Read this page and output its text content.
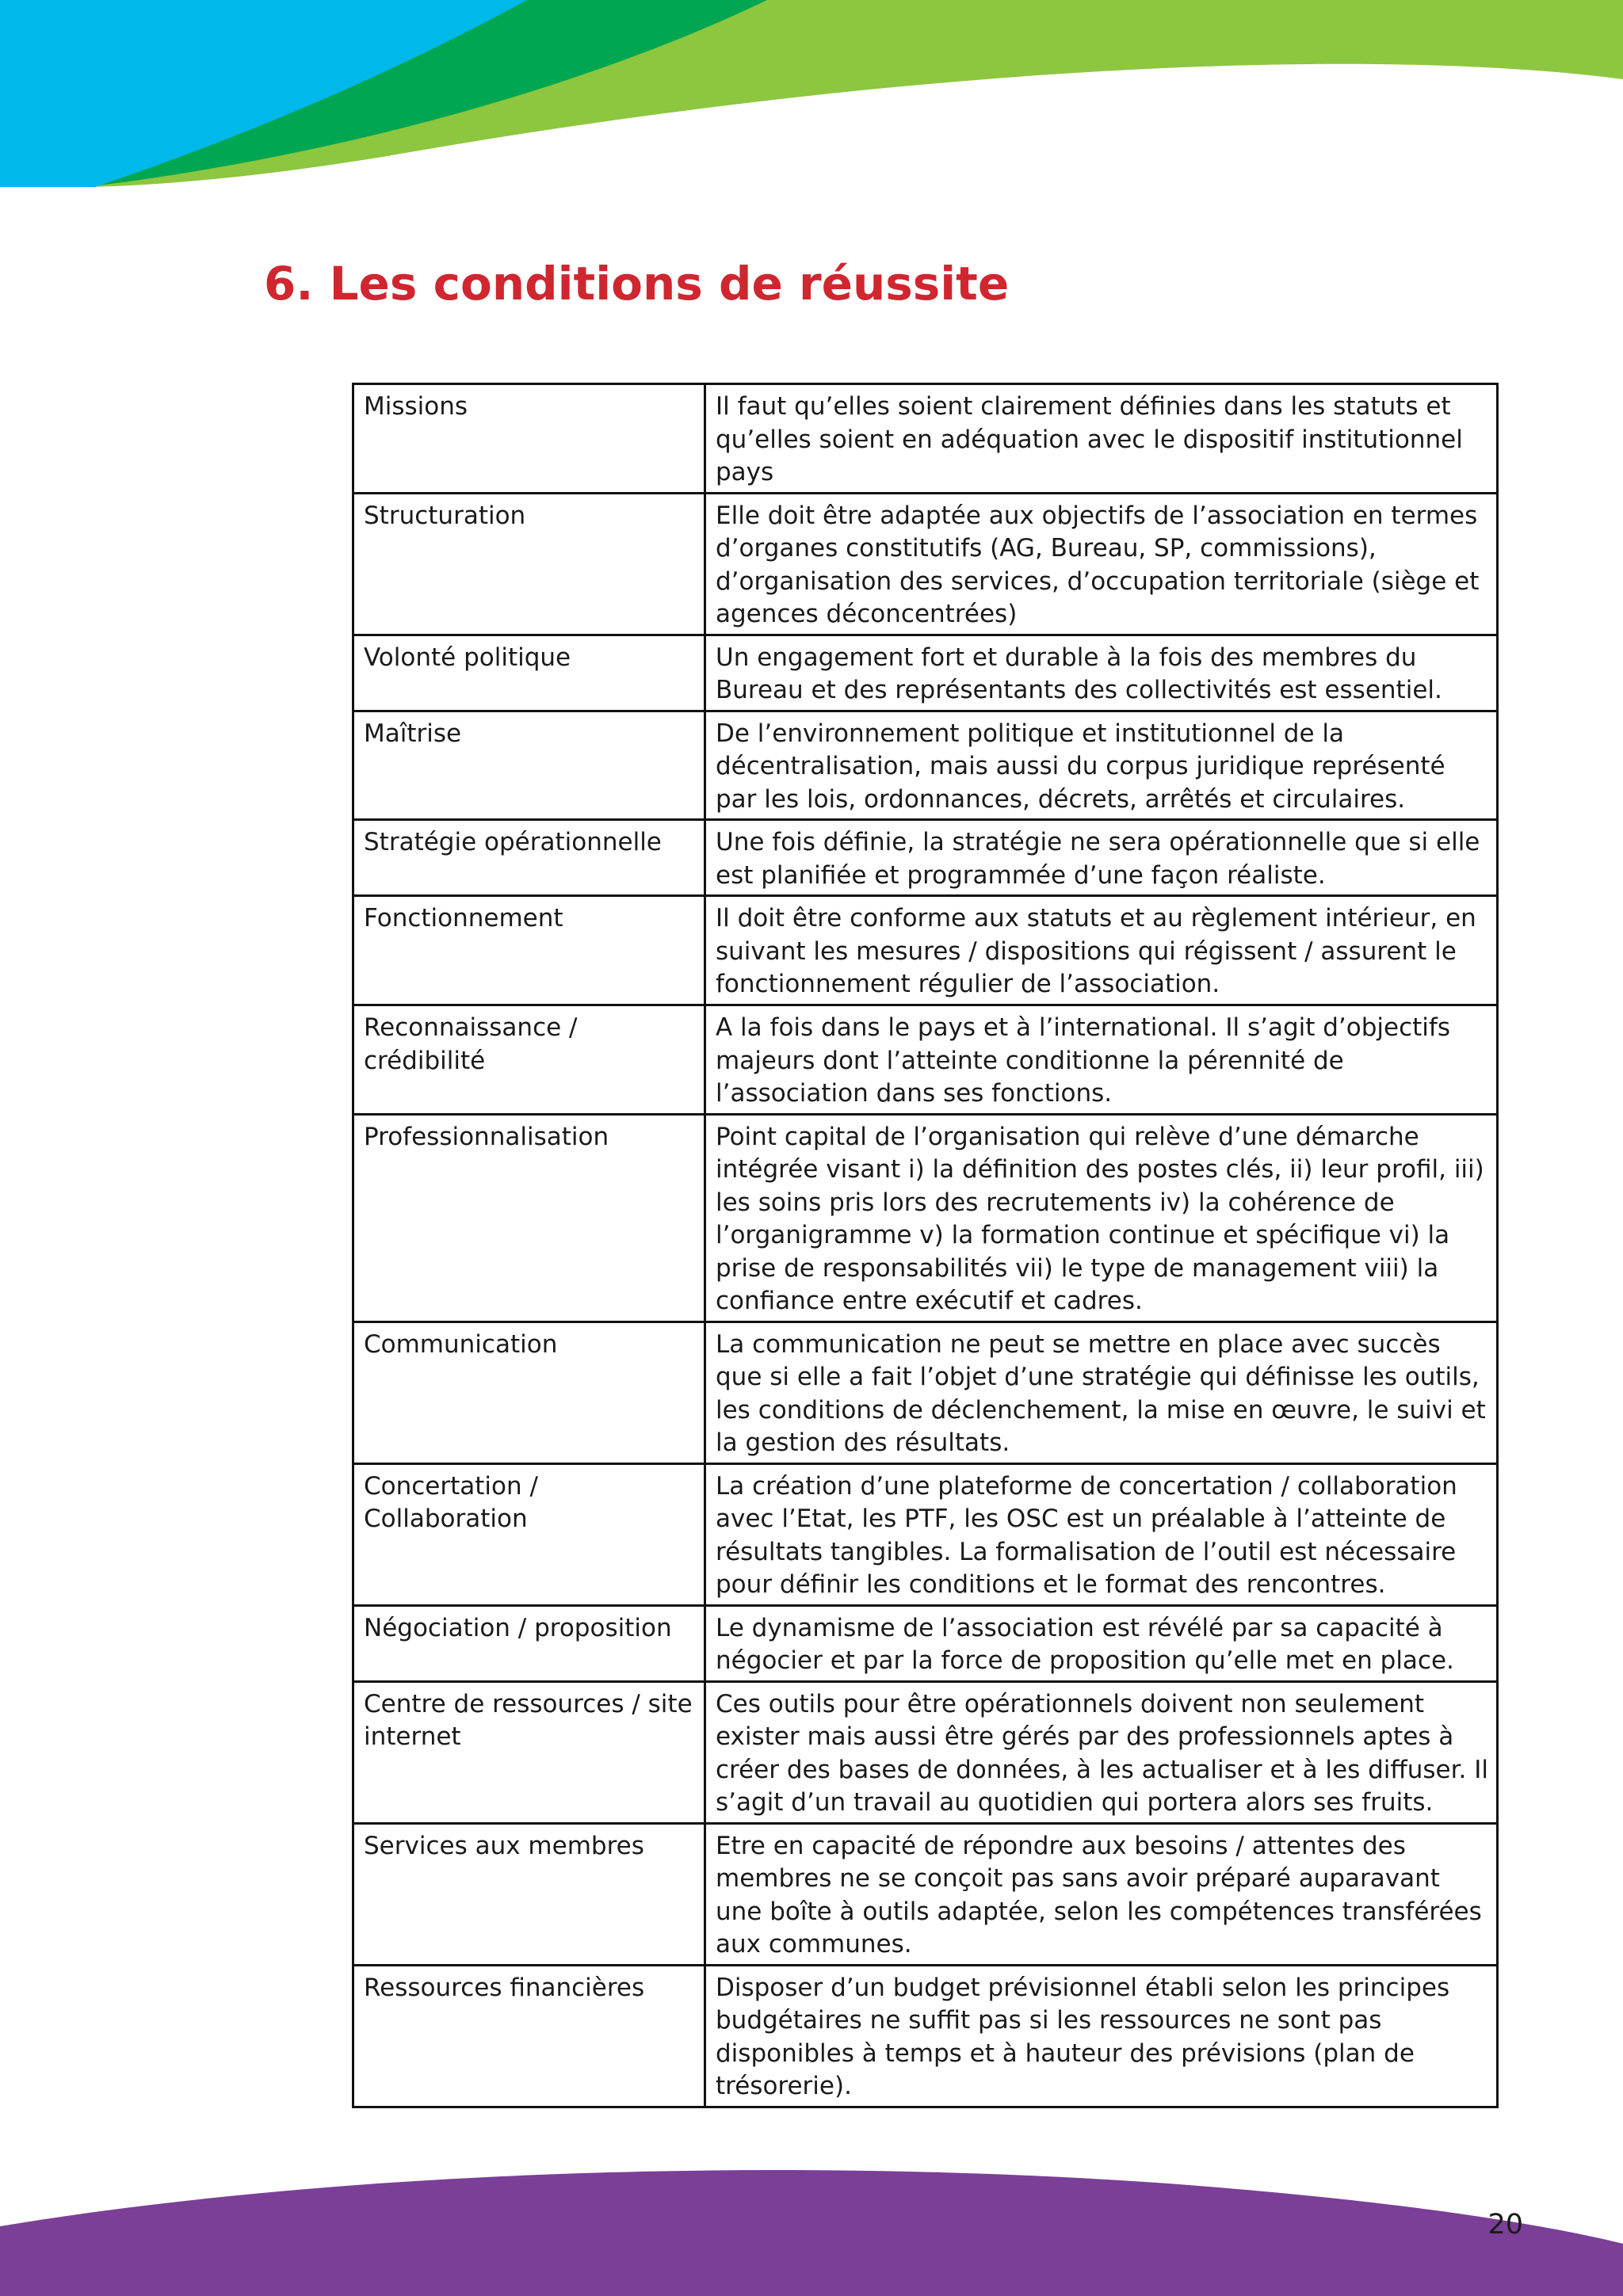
6. Les conditions de réussite
Missions	Il faut qu’elles soient clairement définies dans les statuts et qu’elles soient en adéquation avec le dispositif institutionnel pays
Structuration	Elle doit être adaptée aux objectifs de l’association en termes d’organes constitutifs (AG, Bureau, SP, commissions), d’organisation des services, d’occupation territoriale (siège et agences déconcentrées)
Volonté politique	Un engagement fort et durable à la fois des membres du Bureau et des représentants des collectivités est essentiel.
Maîtrise	De l’environnement politique et institutionnel de la décentralisation, mais aussi du corpus juridique représenté par les lois, ordonnances, décrets, arrêtés et circulaires.
Stratégie opérationnelle	Une fois définie, la stratégie ne sera opérationnelle que si elle est planifiée et programmée d’une façon réaliste.
Fonctionnement	Il doit être conforme aux statuts et au règlement intérieur, en suivant les mesures / dispositions qui régissent / assurent le fonctionnement régulier de l’association.
Reconnaissance / crédibilité	A la fois dans le pays et à l’international. Il s’agit d’objectifs majeurs dont l’atteinte conditionne la pérennité de l’association dans ses fonctions.
Professionnalisation	Point capital de l’organisation qui relève d’une démarche intégrée visant i) la définition des postes clés, ii) leur profil, iii) les soins pris lors des recrutements iv) la cohérence de l’organigramme v) la formation continue et spécifique vi) la prise de responsabilités vii) le type de management viii) la confiance entre exécutif et cadres.
Communication	La communication ne peut se mettre en place avec succès que si elle a fait l’objet d’une stratégie qui définisse les outils, les conditions de déclenchement, la mise en œuvre, le suivi et la gestion des résultats.
Concertation / Collaboration	La création d’une plateforme de concertation / collaboration avec l’Etat, les PTF, les OSC est un préalable à l’atteinte de résultats tangibles. La formalisation de l’outil est nécessaire pour définir les conditions et le format des rencontres.
Négociation / proposition	Le dynamisme de l’association est révélé par sa capacité à négocier et par la force de proposition qu’elle met en place.
Centre de ressources / site internet	Ces outils pour être opérationnels doivent non seulement exister mais aussi être gérés par des professionnels aptes à créer des bases de données, à les actualiser et à les diffuser. Il s’agit d’un travail au quotidien qui portera alors ses fruits.
Services aux membres	Etre en capacité de répondre aux besoins / attentes des membres ne se conçoit pas sans avoir préparé auparavant une boîte à outils adaptée, selon les compétences transférées aux communes.
Ressources financières	Disposer d’un budget prévisionnel établi selon les principes budgétaires ne suffit pas si les ressources ne sont pas disponibles à temps et à hauteur des prévisions (plan de trésorerie).
20
